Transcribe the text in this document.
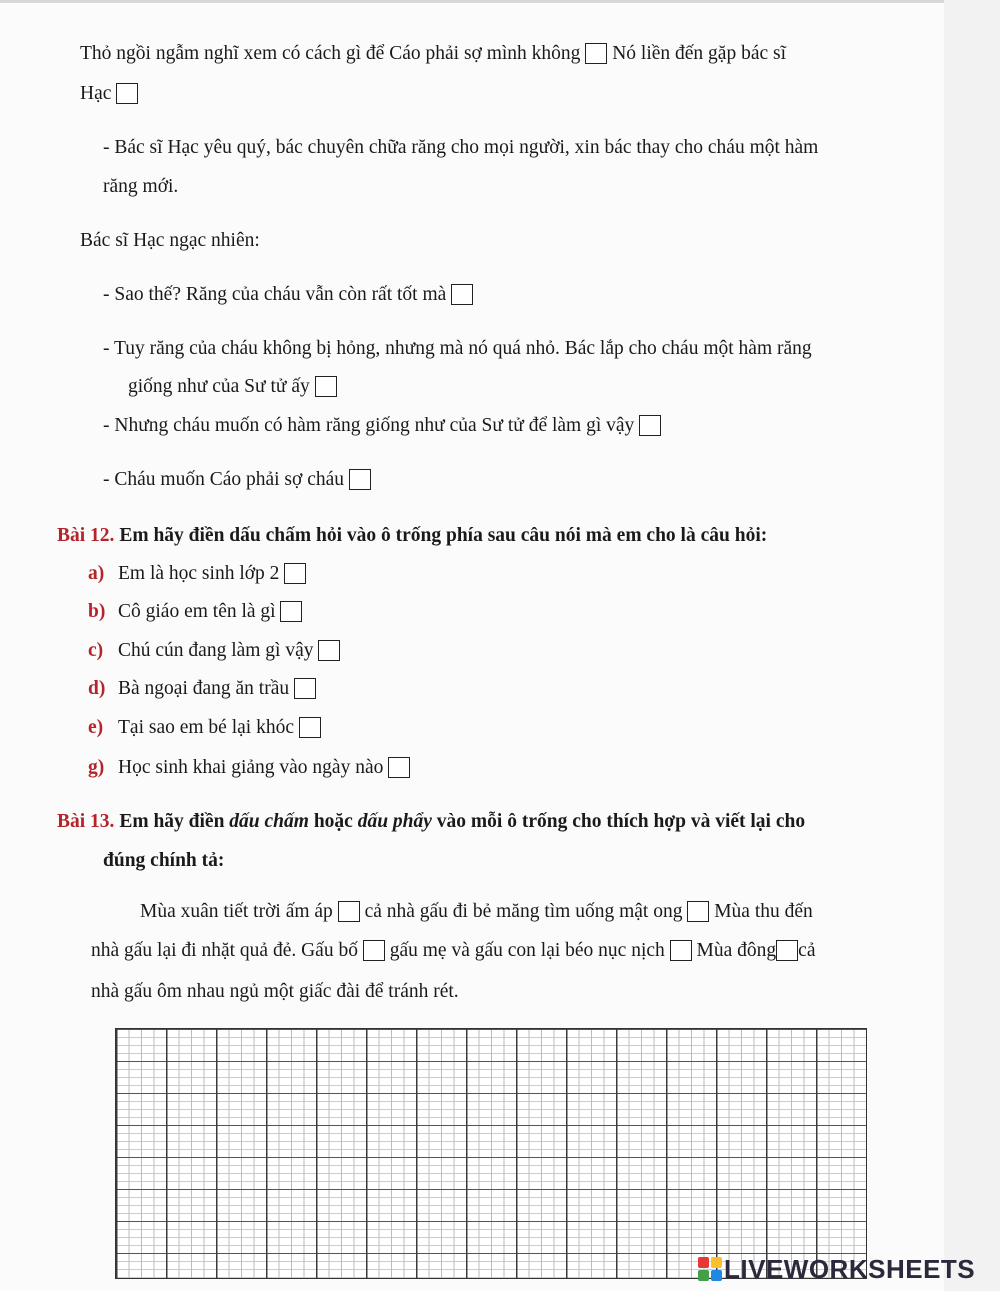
Thỏ ngồi ngẫm nghĩ xem có cách gì để Cáo phải sợ mình không Nó liền đến gặp bác sĩ
Hạc
- Bác sĩ Hạc yêu quý, bác chuyên chữa răng cho mọi người, xin bác thay cho cháu một hàm
răng mới.
Bác sĩ Hạc ngạc nhiên:
- Sao thế? Răng của cháu vẫn còn rất tốt mà
- Tuy răng của cháu không bị hỏng, nhưng mà nó quá nhỏ. Bác lắp cho cháu một hàm răng
giống như của Sư tử ấy
- Nhưng cháu muốn có hàm răng giống như của Sư tử để làm gì vậy
- Cháu muốn Cáo phải sợ cháu
Bài 12. Em hãy điền dấu chấm hỏi vào ô trống phía sau câu nói mà em cho là câu hỏi:
a) Em là học sinh lớp 2
b) Cô giáo em tên là gì
c) Chú cún đang làm gì vậy
d) Bà ngoại đang ăn trầu
e) Tại sao em bé lại khóc
g) Học sinh khai giảng vào ngày nào
Bài 13. Em hãy điền dấu chấm hoặc dấu phẩy vào mỗi ô trống cho thích hợp và viết lại cho
đúng chính tả:
Mùa xuân tiết trời ấm áp cả nhà gấu đi bẻ măng tìm uống mật ong Mùa thu đến
nhà gấu lại đi nhặt quả đẻ. Gấu bố gấu mẹ và gấu con lại béo nục nịch Mùa đông cả
nhà gấu ôm nhau ngủ một giấc đài để tránh rét.
LIVEWORKSHEETS
